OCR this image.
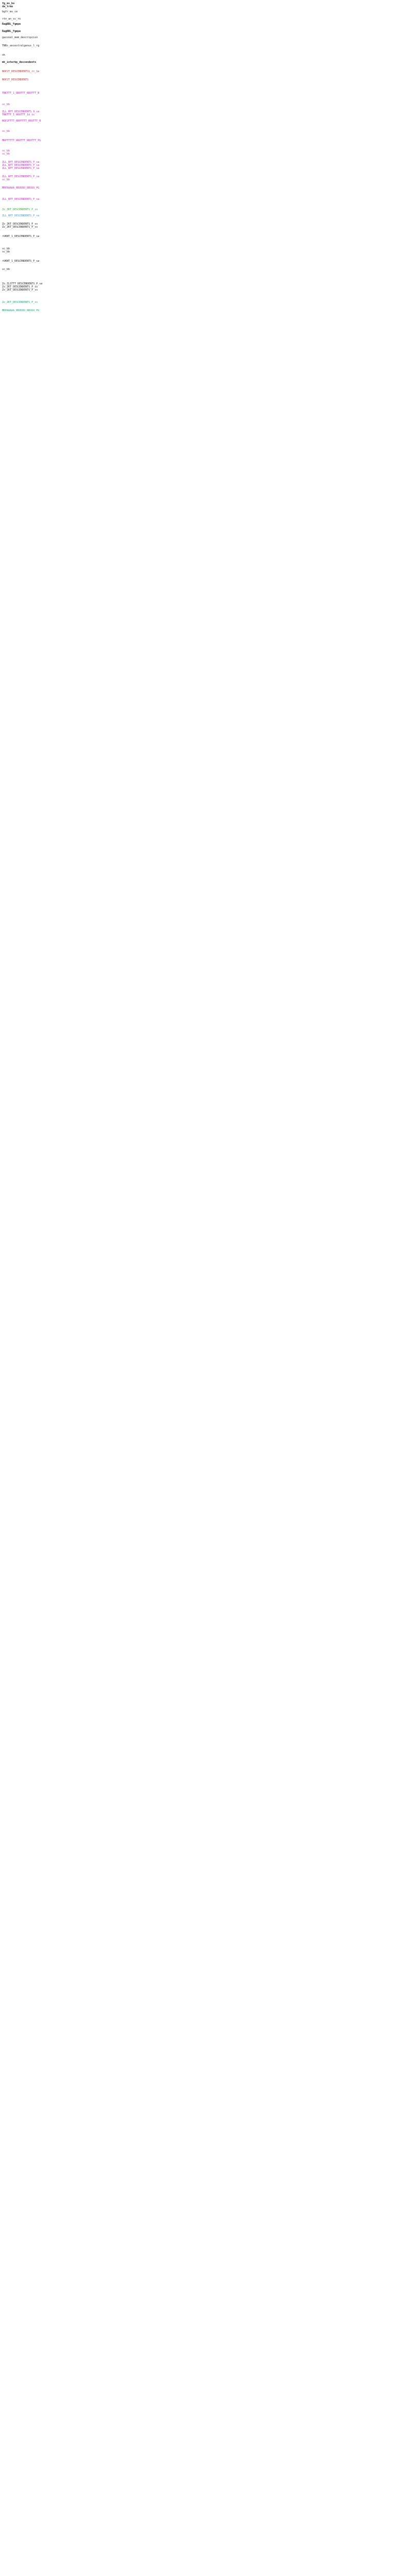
fg_ms_bo
da_tree
bgfr_ms_ce
rtn_an_sc_ro
RagBBL_Fgmpe
RagBBL_Fgmpe
gaconal_mem_descripcion
TNRs_ancestralgenus_l_rg
ok
mk_interbp_descendents
NOP2T_DESCENDENTS1_rr_1e
NOP2T_DESCENDENTS
TNKTTT_1_RROTTT_RROTTT_B
sc_bb
ZLL_RPT_DESCENDENTS_9_sa
TNKTTT_1_RRUTTT_1d_sc
NOP2PTTT_RRPPTTT_RRUTTT_B
sc_bb
MRPTTTTT_RRUTTT_RRUTTT_PG
sc_bb
sc_bb
ZLL_RPT_DESCENDENTS_P_sa
ZLL_RPT_DESCENDENTS_P_sa
ZLL_RPT_DESCENDENTS_P_sa
ZLL_RPT_DESCENDENTS_P_sa
sc_bb
MRPAAAAA_RRUUUU_RRUUU_PG
ZLL_RPT_DESCENDENTS_P_sa
Zo_ZKT_DESCENDENTS_P_ss
ZLL_RPT_DESCENDENTS_P_sa
Zo_ZKT_DESCENDENTS_P_ss
Zo_ZKT_DESCENDENTS_P_ss
rUKNT_1_DESCENDENTS_P_sa
sc_bb
sc_bb
rUKNT_1_DESCENDENTS_P_sa
sc_bb
Zo_ZLSTTT_DESCENDENTS_P_sa
Zo_ZKT_DESCENDENTS_P_ss
Zo_ZKT_DESCENDENTS_P_ss
Zo_ZKT_DESCENDENTS_P_ss
MRPAAAAA_RRUUUU_RRUUU_PG
